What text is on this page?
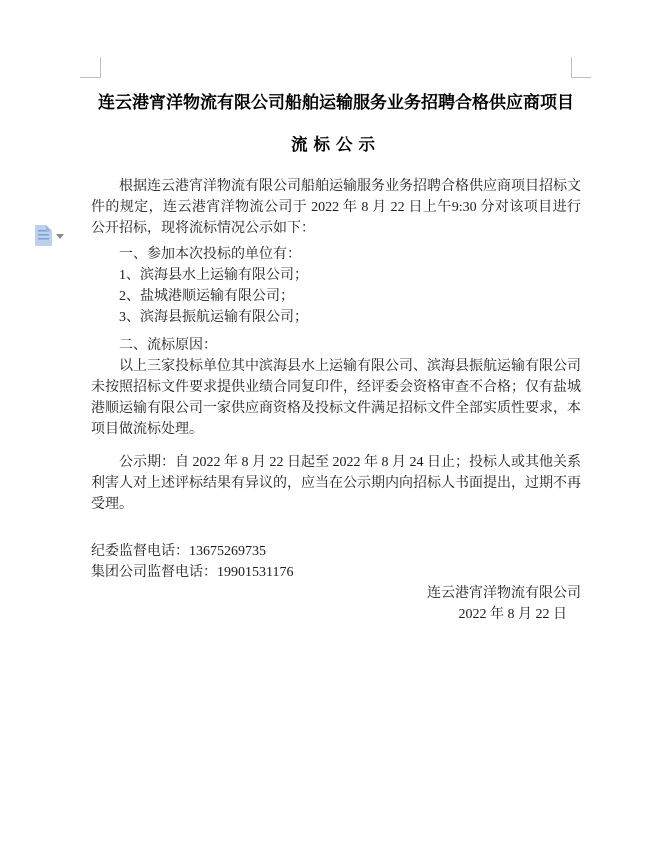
连云港宵洋物流有限公司船舶运输服务业务招聘合格供应商项目
流标公示
根据连云港宵洋物流有限公司船舶运输服务业务招聘合格供应商项目招标文件的规定，连云港宵洋物流公司于 2022 年 8 月 22 日上午9:30 分对该项目进行公开招标，现将流标情况公示如下：
一、参加本次投标的单位有：
1、滨海县水上运输有限公司；
2、盐城港顺运输有限公司；
3、滨海县振航运输有限公司；
二、流标原因：
以上三家投标单位其中滨海县水上运输有限公司、滨海县振航运输有限公司未按照招标文件要求提供业绩合同复印件，经评委会资格审查不合格；仅有盐城港顺运输有限公司一家供应商资格及投标文件满足招标文件全部实质性要求，本项目做流标处理。
公示期：自 2022 年 8 月 22 日起至 2022 年 8 月 24 日止；投标人或其他关系利害人对上述评标结果有异议的，应当在公示期内向招标人书面提出，过期不再受理。
纪委监督电话：13675269735
集团公司监督电话：19901531176
连云港宵洋物流有限公司
2022 年 8 月 22 日
